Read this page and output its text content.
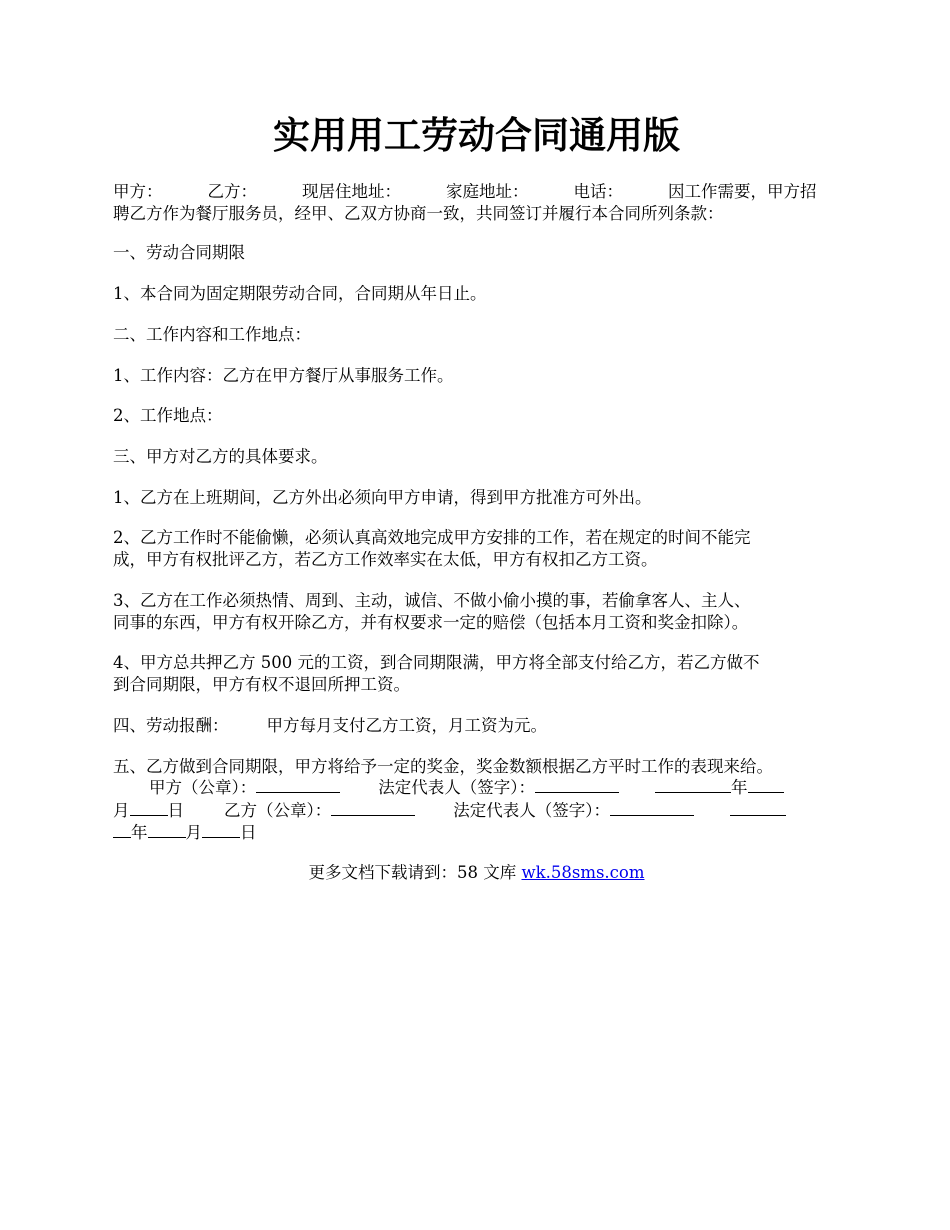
实用用工劳动合同通用版
甲方：	乙方：	现居住地址：	家庭地址：	电话：	因工作需要，甲方招
聘乙方作为餐厅服务员，经甲、乙双方协商一致，共同签订并履行本合同所列条款：
一、劳动合同期限
1、本合同为固定期限劳动合同，合同期从年日止。
二、工作内容和工作地点：
1、工作内容：乙方在甲方餐厅从事服务工作。
2、工作地点：
三、甲方对乙方的具体要求。
1、乙方在上班期间，乙方外出必须向甲方申请，得到甲方批准方可外出。
2、乙方工作时不能偷懒，必须认真高效地完成甲方安排的工作，若在规定的时间不能完
成，甲方有权批评乙方，若乙方工作效率实在太低，甲方有权扣乙方工资。
3、乙方在工作必须热情、周到、主动，诚信、不做小偷小摸的事，若偷拿客人、主人、
同事的东西，甲方有权开除乙方，并有权要求一定的赔偿（包括本月工资和奖金扣除）。
4、甲方总共押乙方 500 元的工资，到合同期限满，甲方将全部支付给乙方，若乙方做不
到合同期限，甲方有权不退回所押工资。
四、劳动报酬： 甲方每月支付乙方工资，月工资为元。
五、乙方做到合同期限，甲方将给予一定的奖金，奖金数额根据乙方平时工作的表现来给。
甲方（公章）：	法定代表人（签字）：	年
月 日 乙方（公章）：	法定代表人（签字）：
年 月 日
更多文档下载请到：58 文库 wk.58sms.com
